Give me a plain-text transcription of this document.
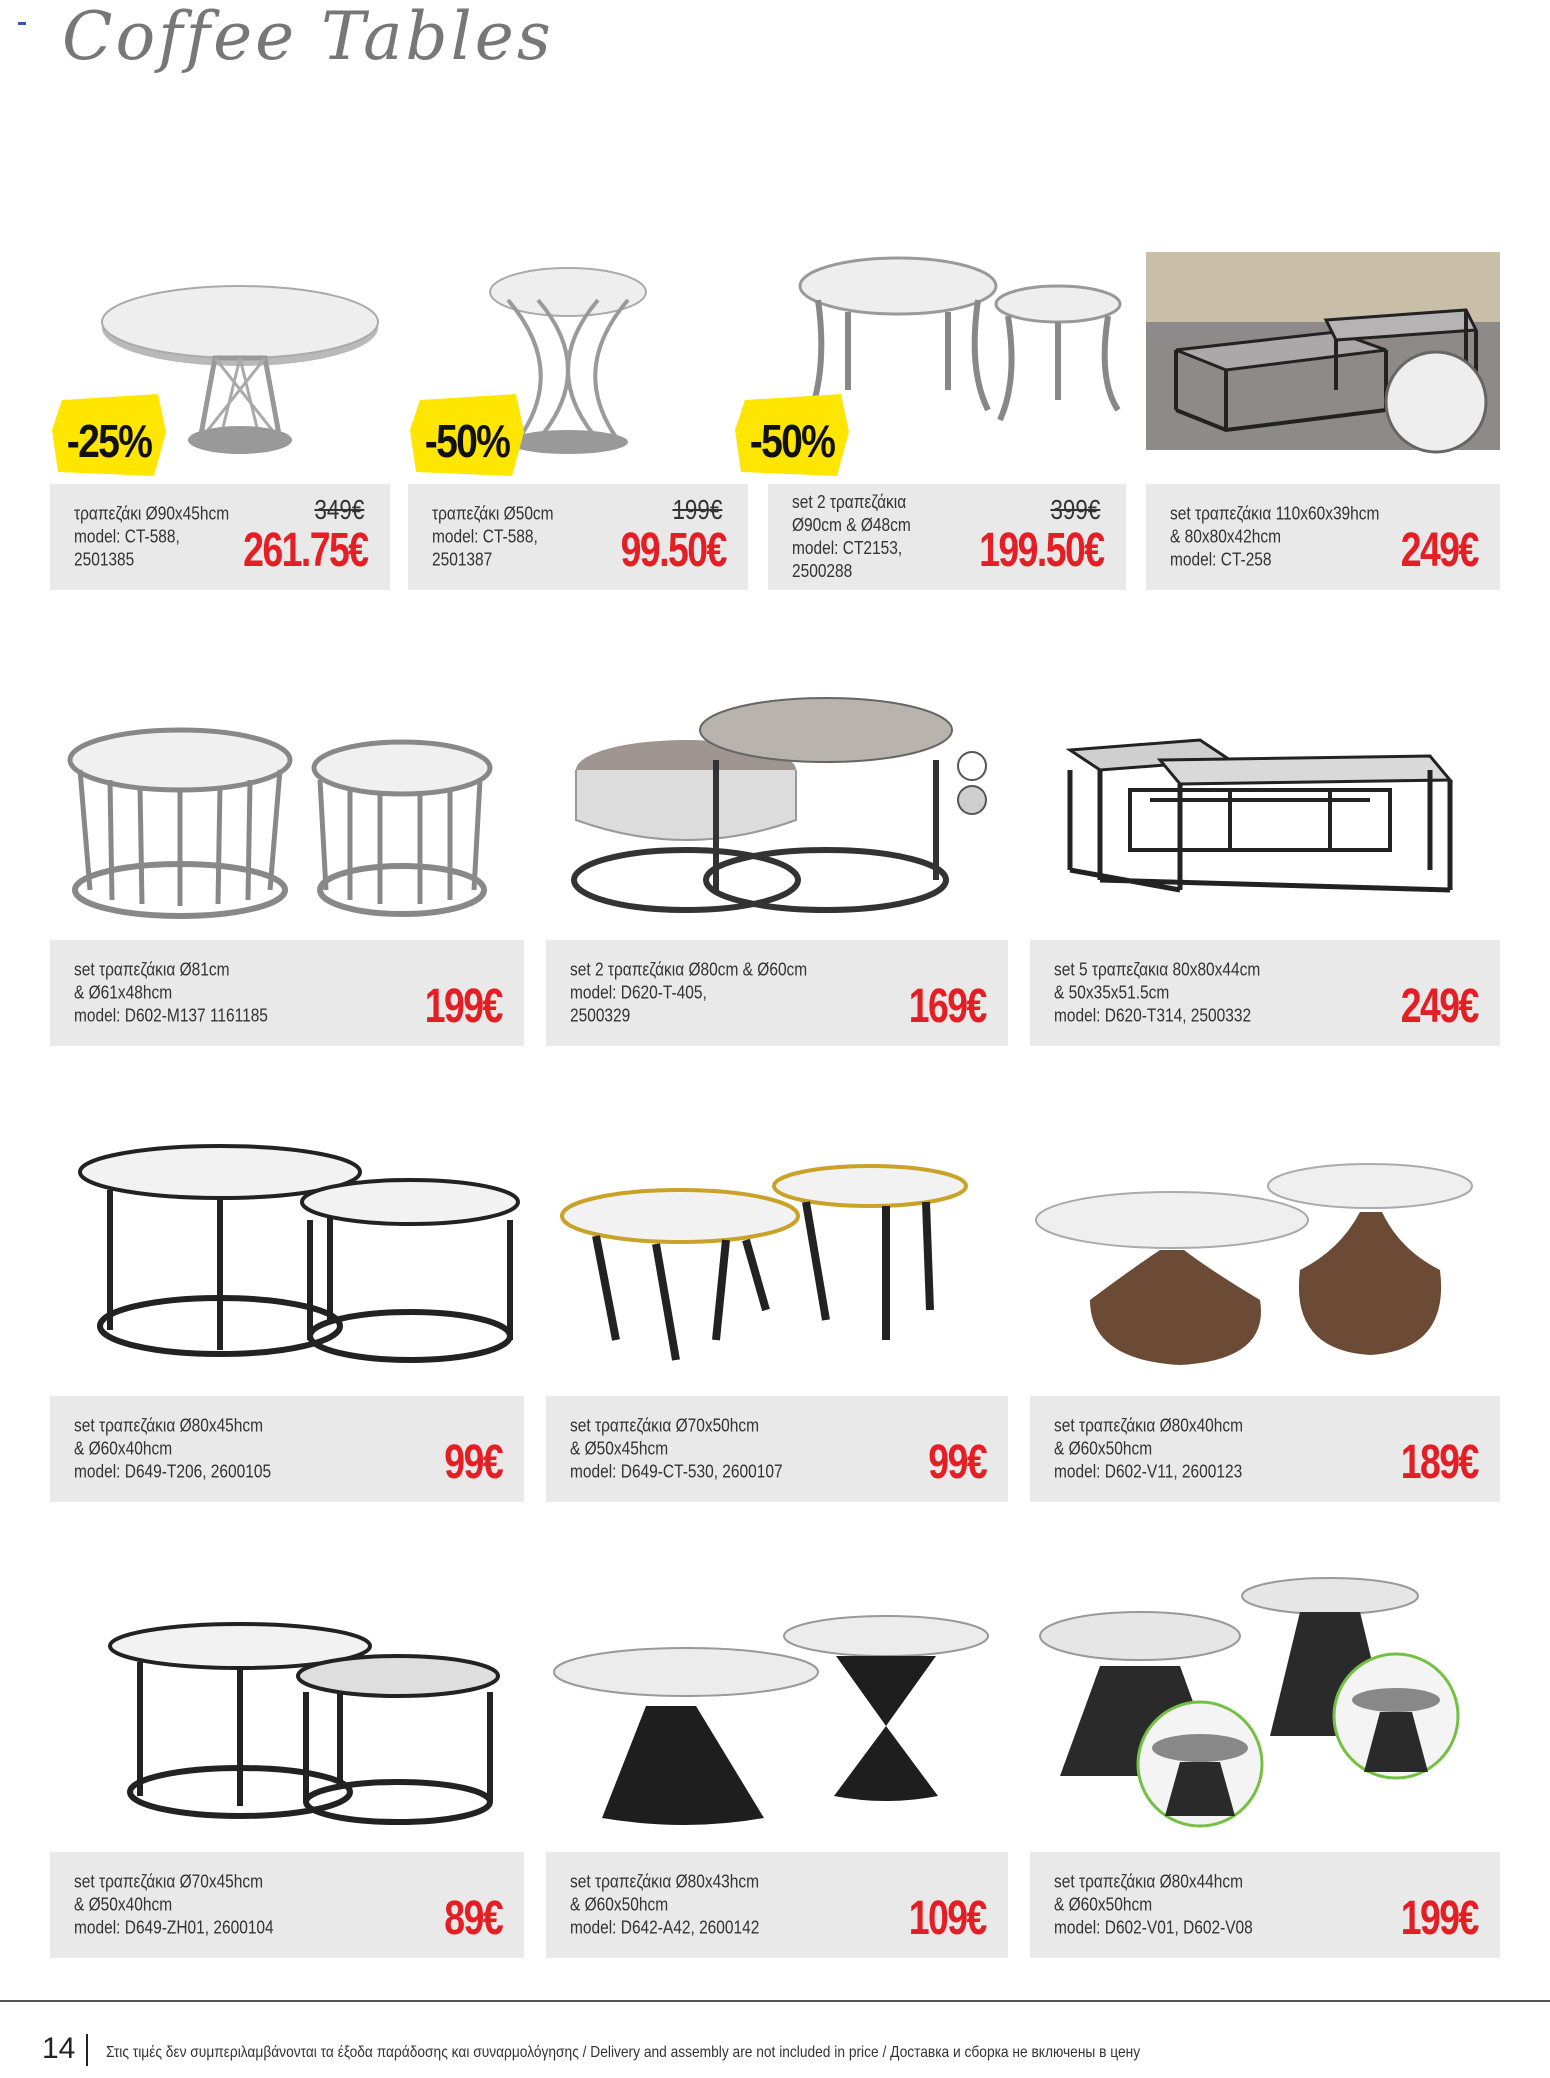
Coffee Tables
-25%
τραπεζάκι Ø90x45hcm
model: CT-588,
2501385
349€
261.75€
-50%
τραπεζάκι Ø50cm
model: CT-588,
2501387
199€
99.50€
-50%
set 2 τραπεζάκια
Ø90cm & Ø48cm
model: CT2153,
2500288
399€
199.50€
set τραπεζάκια 110x60x39hcm
& 80x80x42hcm
model: CT-258	249€
set τραπεζάκια Ø81cm
& Ø61x48hcm
model: D602-M137 1161185	199€
set 2 τραπεζάκια Ø80cm & Ø60cm
model: D620-T-405,
2500329	169€
set 5 τραπεζακια 80x80x44cm
& 50x35x51.5cm
model: D620-T314, 2500332	249€
set τραπεζάκια Ø80x45hcm
& Ø60x40hcm
model: D649-T206, 2600105	99€
set τραπεζάκια Ø70x50hcm
& Ø50x45hcm
model: D649-CT-530, 2600107	99€
set τραπεζάκια Ø80x40hcm
& Ø60x50hcm
model: D602-V11, 2600123	189€
set τραπεζάκια Ø70x45hcm
& Ø50x40hcm
model: D649-ZH01, 2600104	89€
set τραπεζάκια Ø80x43hcm
& Ø60x50hcm
model: D642-A42, 2600142	109€
set τραπεζάκια Ø80x44hcm
& Ø60x50hcm
model: D602-V01, D602-V08	199€
14 Στις τιμές δεν συμπεριλαμβάνονται τα έξοδα παράδοσης και συναρμολόγησης / Delivery and assembly are not included in price / Доставка и сборка не включены в цену
